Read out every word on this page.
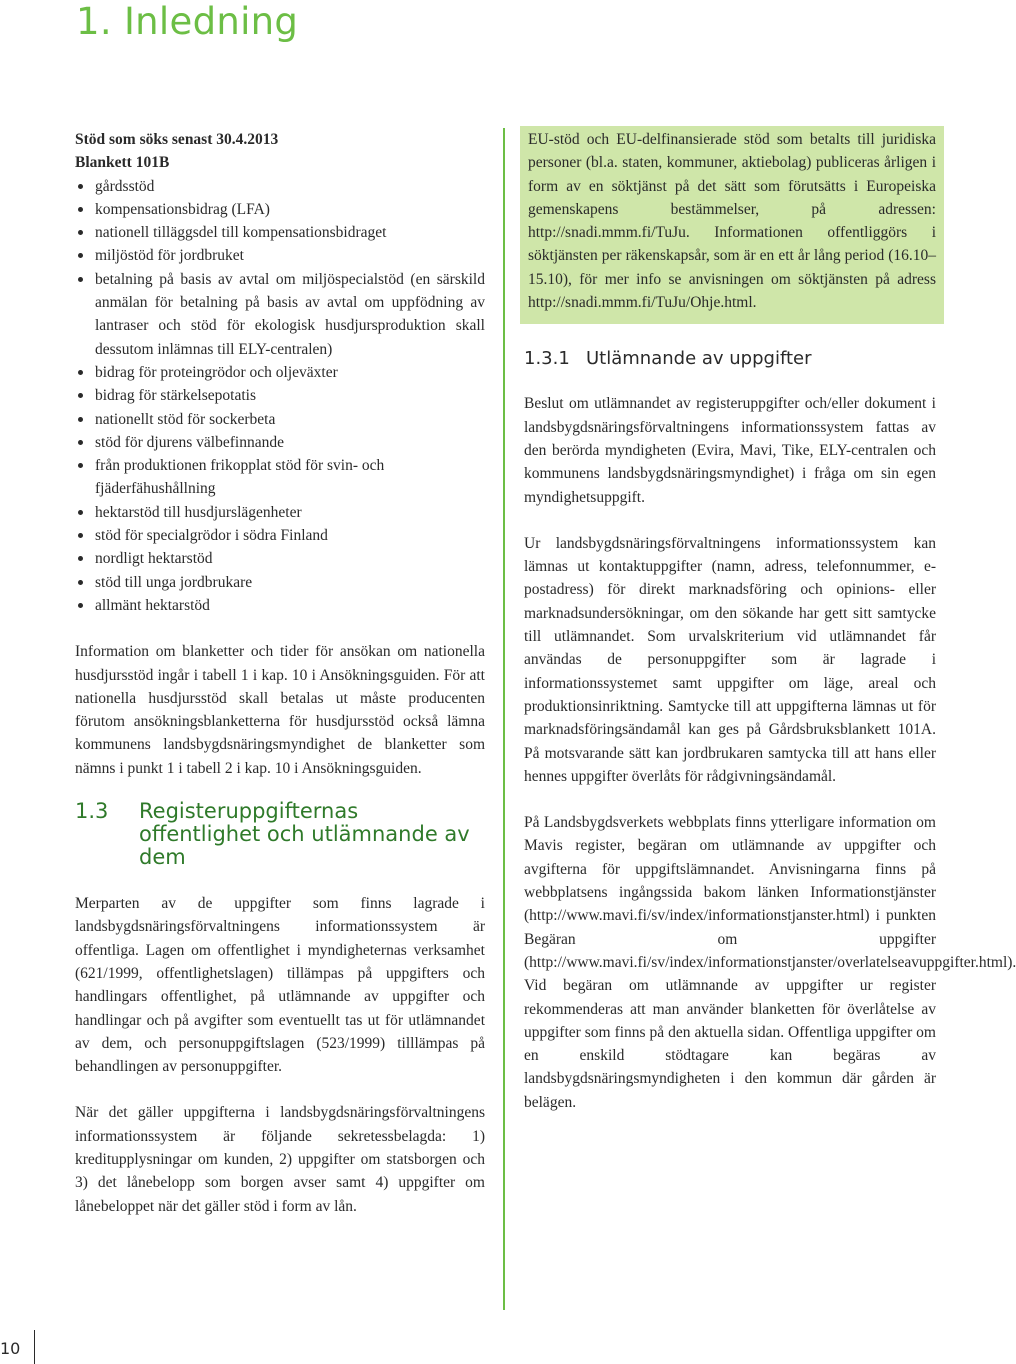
1. Inledning
Stöd som söks senast 30.4.2013
Blankett 101B
gårdsstöd
kompensationsbidrag (LFA)
nationell tilläggsdel till kompensationsbidraget
miljöstöd för jordbruket
betalning på basis av avtal om miljöspecialstöd (en särskild anmälan för betalning på basis av avtal om uppfödning av lantraser och stöd för ekologisk husdjursproduktion skall dessutom inlämnas till ELY-centralen)
bidrag för proteingrödor och oljeväxter
bidrag för stärkelsepotatis
nationellt stöd för sockerbeta
stöd för djurens välbefinnande
från produktionen frikopplat stöd för svin- och fjäderfähushållning
hektarstöd till husdjurslägenheter
stöd för specialgrödor i södra Finland
nordligt hektarstöd
stöd till unga jordbrukare
allmänt hektarstöd

Information om blanketter och tider för ansökan om nationella husdjursstöd ingår i tabell 1 i kap. 10 i Ansökningsguiden. För att nationella husdjursstöd skall betalas ut måste producenten förutom ansökningsblanketterna för husdjursstöd också lämna kommunens landsbygdsnäringsmyndighet de blanketter som nämns i punkt 1 i tabell 2 i kap. 10 i Ansökningsguiden.

1.3	Registeruppgifternas offentlighet och utlämnande av dem

Merparten av de uppgifter som finns lagrade i landsbygdsnäringsförvaltningens informationssystem är offentliga. Lagen om offentlighet i myndigheternas verksamhet (621/1999, offentlighetslagen) tillämpas på uppgifters och handlingars offentlighet, på utlämnande av uppgifter och handlingar och på avgifter som eventuellt tas ut för utlämnandet av dem, och personuppgiftslagen (523/1999) tilllämpas på behandlingen av personuppgifter.

När det gäller uppgifterna i landsbygdsnäringsförvaltningens informationssystem är följande sekretessbelagda: 1) kreditupplysningar om kunden, 2) uppgifter om statsborgen och 3) det lånebelopp som borgen avser samt 4) uppgifter om lånebeloppet när det gäller stöd i form av lån.

EU-stöd och EU-delfinansierade stöd som betalts till juridiska personer (bl.a. staten, kommuner, aktiebolag) publiceras årligen i form av en söktjänst på det sätt som förutsätts i Europeiska gemenskapens bestämmelser, på adressen: http://snadi.mmm.fi/TuJu. Informationen offentliggörs i söktjänsten per räkenskapsår, som är en ett år lång period (16.10–15.10), för mer info se anvisningen om söktjänsten på adress http://snadi.mmm.fi/TuJu/Ohje.html.

1.3.1 Utlämnande av uppgifter

Beslut om utlämnandet av registeruppgifter och/eller dokument i landsbygdsnäringsförvaltningens informationssystem fattas av den berörda myndigheten (Evira, Mavi, Tike, ELY-centralen och kommunens landsbygdsnäringsmyndighet) i fråga om sin egen myndighetsuppgift.

Ur landsbygdsnäringsförvaltningens informationssystem kan lämnas ut kontaktuppgifter (namn, adress, telefonnummer, e-postadress) för direkt marknadsföring och opinions- eller marknadsundersökningar, om den sökande har gett sitt samtycke till utlämnandet. Som urvalskriterium vid utlämnandet får användas de personuppgifter som är lagrade i informationssystemet samt uppgifter om läge, areal och produktionsinriktning. Samtycke till att uppgifterna lämnas ut för marknadsföringsändamål kan ges på Gårdsbruksblankett 101A. På motsvarande sätt kan jordbrukaren samtycka till att hans eller hennes uppgifter överlåts för rådgivningsändamål.

På Landsbygdsverkets webbplats finns ytterligare information om Mavis register, begäran om utlämnande av uppgifter och avgifterna för uppgiftslämnandet. Anvisningarna finns på webbplatsens ingångssida bakom länken Informationstjänster (http://www.mavi.fi/sv/index/informationstjanster.html) i punkten Begäran om uppgifter (http://www.mavi.fi/sv/index/informationstjanster/overlatelseavuppgifter.html). Vid begäran om utlämnande av uppgifter ur register rekommenderas att man använder blanketten för överlåtelse av uppgifter som finns på den aktuella sidan. Offentliga uppgifter om en enskild stödtagare kan begäras av landsbygdsnäringsmyndigheten i den kommun där gården är belägen.

10
